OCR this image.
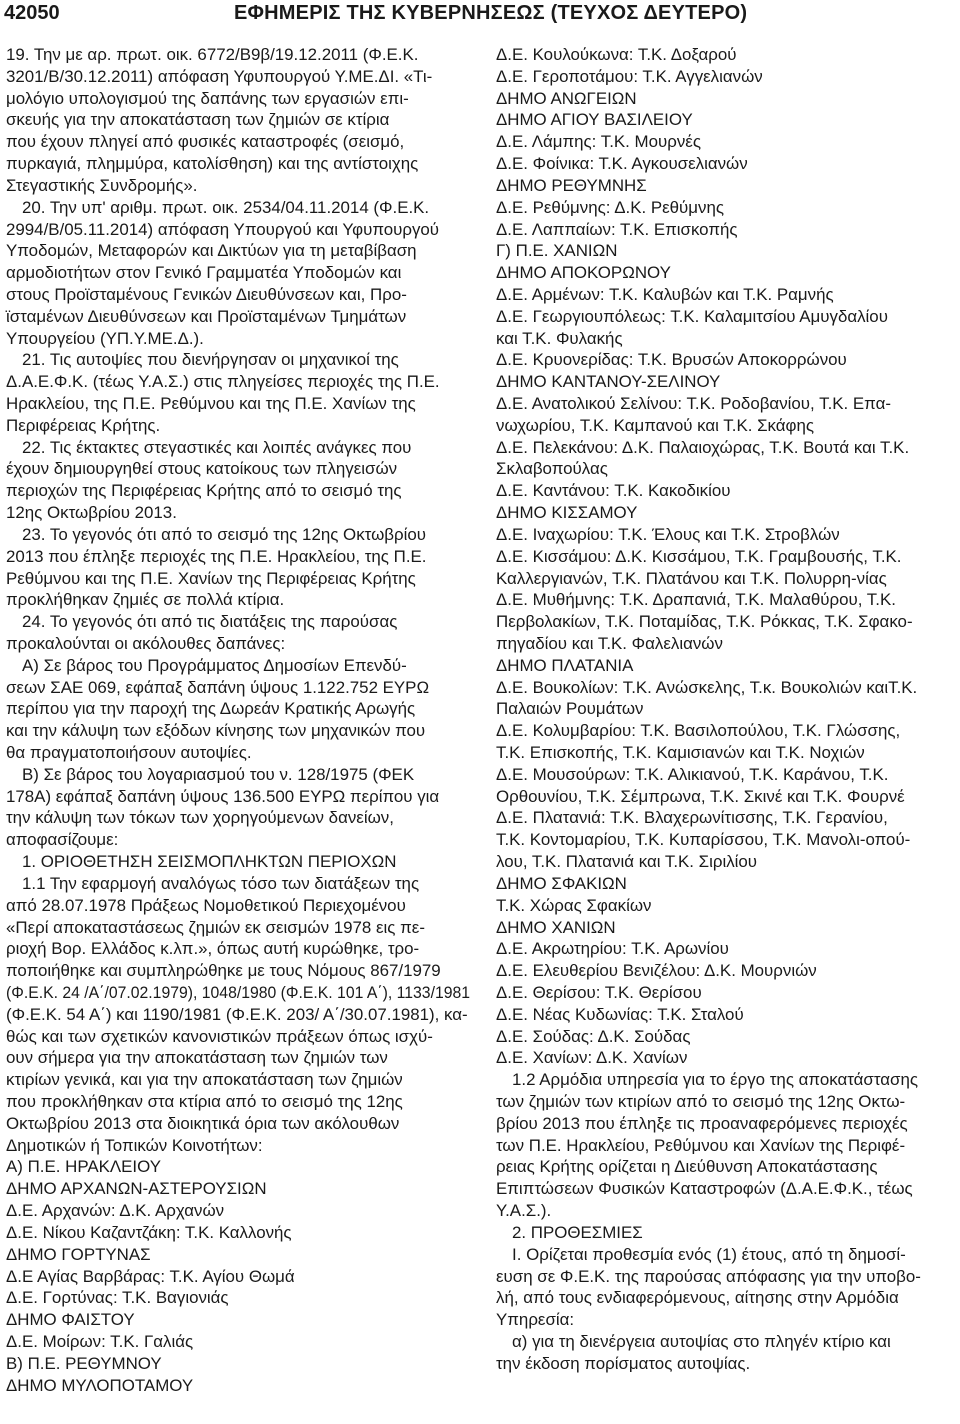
42050	ΕΦΗΜΕΡΙΣ ΤΗΣ ΚΥΒΕΡΝΗΣΕΩΣ (ΤΕΥΧΟΣ ΔΕΥΤΕΡΟ)
19. Την με αρ. πρωτ. οικ. 6772/Β9β/19.12.2011 (Φ.Ε.Κ.
3201/Β/30.12.2011) απόφαση Υφυπουργού Υ.ΜΕ.ΔΙ. «Τι-
μολόγιο υπολογισμού της δαπάνης των εργασιών επι-
σκευής για την αποκατάσταση των ζημιών σε κτίρια
που έχουν πληγεί από φυσικές καταστροφές (σεισμό,
πυρκαγιά, πλημμύρα, κατολίσθηση) και της αντίστοιχης
Στεγαστικής Συνδρομής».
20. Την υπ' αριθμ. πρωτ. οικ. 2534/04.11.2014 (Φ.Ε.Κ.
2994/Β/05.11.2014) απόφαση Υπουργού και Υφυπουργού
Υποδομών, Μεταφορών και Δικτύων για τη μεταβίβαση
αρμοδιοτήτων στον Γενικό Γραμματέα Υποδομών και
στους Προϊσταμένους Γενικών Διευθύνσεων και, Προ-
ϊσταμένων Διευθύνσεων και Προϊσταμένων Τμημάτων
Υπουργείου (ΥΠ.Υ.ΜΕ.Δ.).
21. Τις αυτοψίες που διενήργησαν οι μηχανικοί της
Δ.Α.Ε.Φ.Κ. (τέως Υ.Α.Σ.) στις πληγείσες περιοχές της Π.Ε.
Ηρακλείου, της Π.Ε. Ρεθύμνου και της Π.Ε. Χανίων της
Περιφέρειας Κρήτης.
22. Τις έκτακτες στεγαστικές και λοιπές ανάγκες που
έχουν δημιουργηθεί στους κατοίκους των πληγεισών
περιοχών της Περιφέρειας Κρήτης από το σεισμό της
12ης Οκτωβρίου 2013.
23. Το γεγονός ότι από το σεισμό της 12ης Οκτωβρίου
2013 που έπληξε περιοχές της Π.Ε. Ηρακλείου, της Π.Ε.
Ρεθύμνου και της Π.Ε. Χανίων της Περιφέρειας Κρήτης
προκλήθηκαν ζημιές σε πολλά κτίρια.
24. Το γεγονός ότι από τις διατάξεις της παρούσας
προκαλούνται οι ακόλουθες δαπάνες:
Α) Σε βάρος του Προγράμματος Δημοσίων Επενδύ-
σεων ΣΑΕ 069, εφάπαξ δαπάνη ύψους 1.122.752 ΕΥΡΩ
περίπου για την παροχή της Δωρεάν Κρατικής Αρωγής
και την κάλυψη των εξόδων κίνησης των μηχανικών που
θα πραγματοποιήσουν αυτοψίες.
Β) Σε βάρος του λογαριασμού του ν. 128/1975 (ΦΕΚ
178Α) εφάπαξ δαπάνη ύψους 136.500 ΕΥΡΩ περίπου για
την κάλυψη των τόκων των χορηγούμενων δανείων,
αποφασίζουμε:
1. ΟΡΙΟΘΕΤΗΣΗ ΣΕΙΣΜΟΠΛΗΚΤΩΝ ΠΕΡΙΟΧΩΝ
1.1 Την εφαρμογή αναλόγως τόσο των διατάξεων της
από 28.07.1978 Πράξεως Νομοθετικού Περιεχομένου
«Περί αποκαταστάσεως ζημιών εκ σεισμών 1978 εις πε-
ριοχή Βορ. Ελλάδος κ.λπ.», όπως αυτή κυρώθηκε, τρο-
ποποιήθηκε και συμπληρώθηκε με τους Νόμους 867/1979
(Φ.Ε.Κ. 24 /Α΄/07.02.1979), 1048/1980 (Φ.Ε.Κ. 101 Α΄), 1133/1981
(Φ.Ε.Κ. 54 Α΄) και 1190/1981 (Φ.Ε.Κ. 203/ Α΄/30.07.1981), κα-
θώς και των σχετικών κανονιστικών πράξεων όπως ισχύ-
ουν σήμερα για την αποκατάσταση των ζημιών των
κτιρίων γενικά, και για την αποκατάσταση των ζημιών
που προκλήθηκαν στα κτίρια από το σεισμό της 12ης
Οκτωβρίου 2013 στα διοικητικά όρια των ακόλουθων
Δημοτικών ή Τοπικών Κοινοτήτων:
Α) Π.Ε. ΗΡΑΚΛΕΙΟΥ
ΔΗΜΟ ΑΡΧΑΝΩΝ-ΑΣΤΕΡΟΥΣΙΩΝ
Δ.Ε. Αρχανών: Δ.Κ. Αρχανών
Δ.Ε. Νίκου Καζαντζάκη: Τ.Κ. Καλλονής
ΔΗΜΟ ΓΟΡΤΥΝΑΣ
Δ.Ε Αγίας Βαρβάρας: Τ.Κ. Αγίου Θωμά
Δ.Ε. Γορτύνας: Τ.Κ. Βαγιονιάς
ΔΗΜΟ ΦΑΙΣΤΟΥ
Δ.Ε. Μοίρων: Τ.Κ. Γαλιάς
Β) Π.Ε. ΡΕΘΥΜΝΟΥ
ΔΗΜΟ ΜΥΛΟΠΟΤΑΜΟΥ
Δ.Ε. Κουλούκωνα: Τ.Κ. Δοξαρού
Δ.Ε. Γεροποτάμου: Τ.Κ. Αγγελιανών
ΔΗΜΟ ΑΝΩΓΕΙΩΝ
ΔΗΜΟ ΑΓΙΟΥ ΒΑΣΙΛΕΙΟΥ
Δ.Ε. Λάμπης: Τ.Κ. Μουρνές
Δ.Ε. Φοίνικα: Τ.Κ. Αγκουσελιανών
ΔΗΜΟ ΡΕΘΥΜΝΗΣ
Δ.Ε. Ρεθύμνης: Δ.Κ. Ρεθύμνης
Δ.Ε. Λαππαίων: Τ.Κ. Επισκοπής
Γ) Π.Ε. ΧΑΝΙΩΝ
ΔΗΜΟ ΑΠΟΚΟΡΩΝΟΥ
Δ.Ε. Αρμένων: Τ.Κ. Καλυβών και Τ.Κ. Ραμνής
Δ.Ε. Γεωργιουπόλεως: Τ.Κ. Καλαμιτσίου Αμυγδαλίου
και Τ.Κ. Φυλακής
Δ.Ε. Κρυονερίδας: Τ.Κ. Βρυσών Αποκορρώνου
ΔΗΜΟ ΚΑΝΤΑΝΟΥ-ΣΕΛΙΝΟΥ
Δ.Ε. Ανατολικού Σελίνου: Τ.Κ. Ροδοβανίου, Τ.Κ. Επα-
νωχωρίου, Τ.Κ. Καμπανού και Τ.Κ. Σκάφης
Δ.Ε. Πελεκάνου: Δ.Κ. Παλαιοχώρας, Τ.Κ. Βουτά και Τ.Κ.
Σκλαβοπούλας
Δ.Ε. Καντάνου: Τ.Κ. Κακοδικίου
ΔΗΜΟ ΚΙΣΣΑΜΟΥ
Δ.Ε. Ιναχωρίου: Τ.Κ. Έλους και Τ.Κ. Στροβλών
Δ.Ε. Κισσάμου: Δ.Κ. Κισσάμου, Τ.Κ. Γραμβουσής, Τ.Κ.
Καλλεργιανών, Τ.Κ. Πλατάνου και Τ.Κ. Πολυρρη-νίας
Δ.Ε. Μυθήμνης: Τ.Κ. Δραπανιά, Τ.Κ. Μαλαθύρου, Τ.Κ.
Περβολακίων, Τ.Κ. Ποταμίδας, Τ.Κ. Ρόκκας, Τ.Κ. Σφακο-
πηγαδίου και Τ.Κ. Φαλελιανών
ΔΗΜΟ ΠΛΑΤΑΝΙΑ
Δ.Ε. Βουκολίων: Τ.Κ. Ανώσκελης, Τ.κ. Βουκολιών καιΤ.Κ.
Παλαιών Ρουμάτων
Δ.Ε. Κολυμβαρίου: Τ.Κ. Βασιλοπούλου, Τ.Κ. Γλώσσης,
Τ.Κ. Επισκοπής, Τ.Κ. Καμισιανών και Τ.Κ. Νοχιών
Δ.Ε. Μουσούρων: Τ.Κ. Αλικιανού, Τ.Κ. Καράνου, Τ.Κ.
Ορθουνίου, Τ.Κ. Σέμπρωνα, Τ.Κ. Σκινέ και Τ.Κ. Φουρνέ
Δ.Ε. Πλατανιά: Τ.Κ. Βλαχερωνίτισσης, Τ.Κ. Γερανίου,
Τ.Κ. Κοντομαρίου, Τ.Κ. Κυπαρίσσου, Τ.Κ. Μανολι-οπού-
λου, Τ.Κ. Πλατανιά και Τ.Κ. Σιριλίου
ΔΗΜΟ ΣΦΑΚΙΩΝ
Τ.Κ. Χώρας Σφακίων
ΔΗΜΟ ΧΑΝΙΩΝ
Δ.Ε. Ακρωτηρίου: Τ.Κ. Αρωνίου
Δ.Ε. Ελευθερίου Βενιζέλου: Δ.Κ. Μουρνιών
Δ.Ε. Θερίσου: Τ.Κ. Θερίσου
Δ.Ε. Νέας Κυδωνίας: Τ.Κ. Σταλού
Δ.Ε. Σούδας: Δ.Κ. Σούδας
Δ.Ε. Χανίων: Δ.Κ. Χανίων
1.2 Αρμόδια υπηρεσία για το έργο της αποκατάστασης
των ζημιών των κτιρίων από το σεισμό της 12ης Οκτω-
βρίου 2013 που έπληξε τις προαναφερόμενες περιοχές
των Π.Ε. Ηρακλείου, Ρεθύμνου και Χανίων της Περιφέ-
ρειας Κρήτης ορίζεται η Διεύθυνση Αποκατάστασης
Επιπτώσεων Φυσικών Καταστροφών (Δ.Α.Ε.Φ.Κ., τέως
Υ.Α.Σ.).
2. ΠΡΟΘΕΣΜΙΕΣ
Ι. Ορίζεται προθεσμία ενός (1) έτους, από τη δημοσί-
ευση σε Φ.Ε.Κ. της παρούσας απόφασης για την υποβο-
λή, από τους ενδιαφερόμενους, αίτησης στην Αρμόδια
Υπηρεσία:
α) για τη διενέργεια αυτοψίας στο πληγέν κτίριο και
την έκδοση πορίσματος αυτοψίας.
